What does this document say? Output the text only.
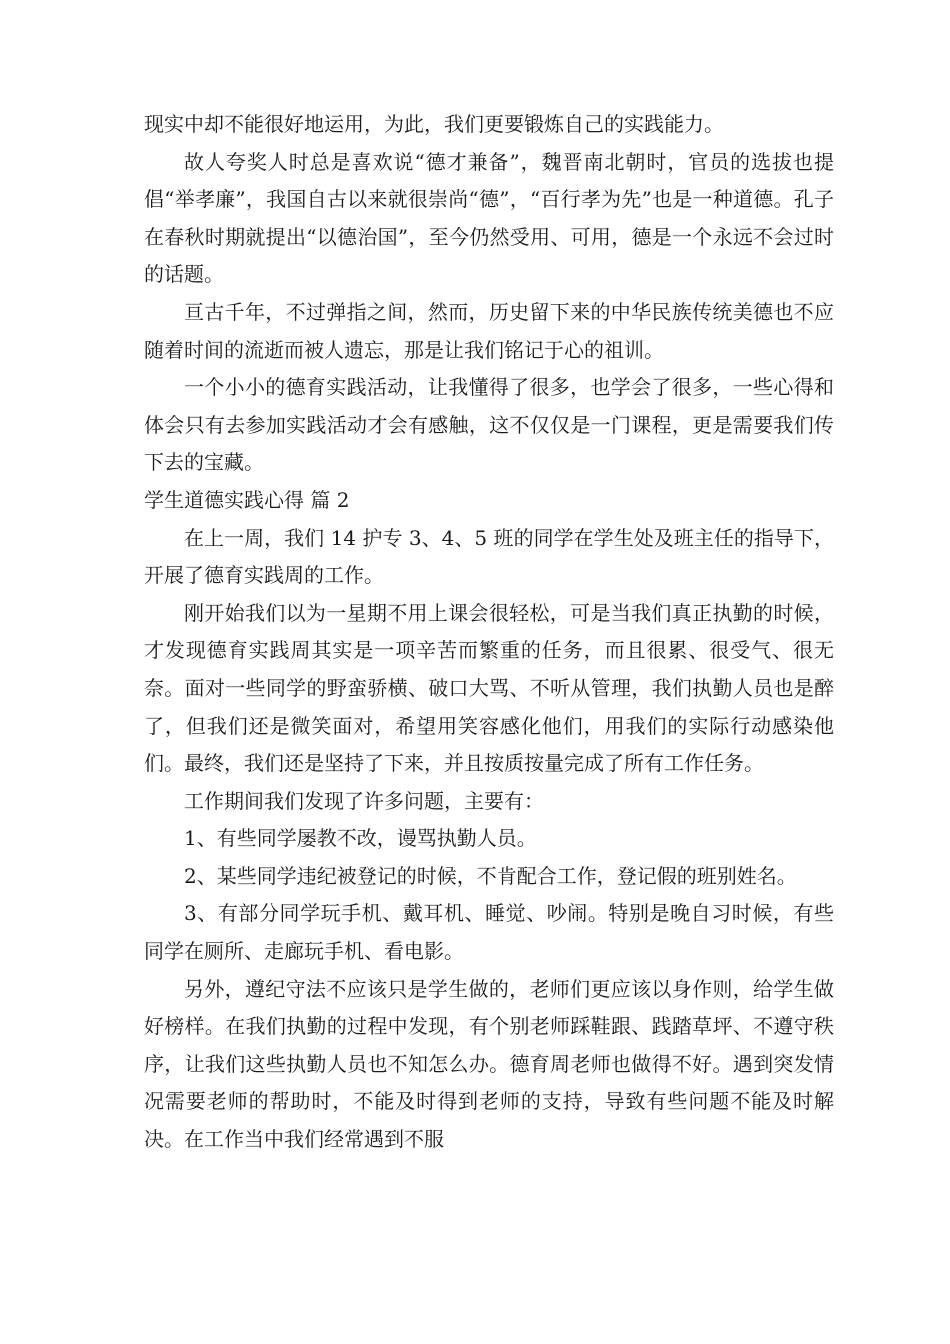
现实中却不能很好地运用，为此，我们更要锻炼自己的实践能力。

故人夸奖人时总是喜欢说“德才兼备”，魏晋南北朝时，官员的选拔也提倡“举孝廉”，我国自古以来就很崇尚“德”，“百行孝为先”也是一种道德。孔子在春秋时期就提出“以德治国”，至今仍然受用、可用，德是一个永远不会过时的话题。

亘古千年，不过弹指之间，然而，历史留下来的中华民族传统美德也不应随着时间的流逝而被人遗忘，那是让我们铭记于心的祖训。

一个小小的德育实践活动，让我懂得了很多，也学会了很多，一些心得和体会只有去参加实践活动才会有感触，这不仅仅是一门课程，更是需要我们传下去的宝藏。

学生道德实践心得 篇 2

在上一周，我们 14 护专 3、4、5 班的同学在学生处及班主任的指导下，开展了德育实践周的工作。

刚开始我们以为一星期不用上课会很轻松，可是当我们真正执勤的时候，才发现德育实践周其实是一项辛苦而繁重的任务，而且很累、很受气、很无奈。面对一些同学的野蛮骄横、破口大骂、不听从管理，我们执勤人员也是醉了，但我们还是微笑面对，希望用笑容感化他们，用我们的实际行动感染他们。最终，我们还是坚持了下来，并且按质按量完成了所有工作任务。

工作期间我们发现了许多问题，主要有：

1、有些同学屡教不改，谩骂执勤人员。

2、某些同学违纪被登记的时候，不肯配合工作，登记假的班别姓名。

3、有部分同学玩手机、戴耳机、睡觉、吵闹。特别是晚自习时候，有些同学在厕所、走廊玩手机、看电影。

另外，遵纪守法不应该只是学生做的，老师们更应该以身作则，给学生做好榜样。在我们执勤的过程中发现，有个别老师踩鞋跟、践踏草坪、不遵守秩序，让我们这些执勤人员也不知怎么办。德育周老师也做得不好。遇到突发情况需要老师的帮助时，不能及时得到老师的支持，导致有些问题不能及时解决。在工作当中我们经常遇到不服
